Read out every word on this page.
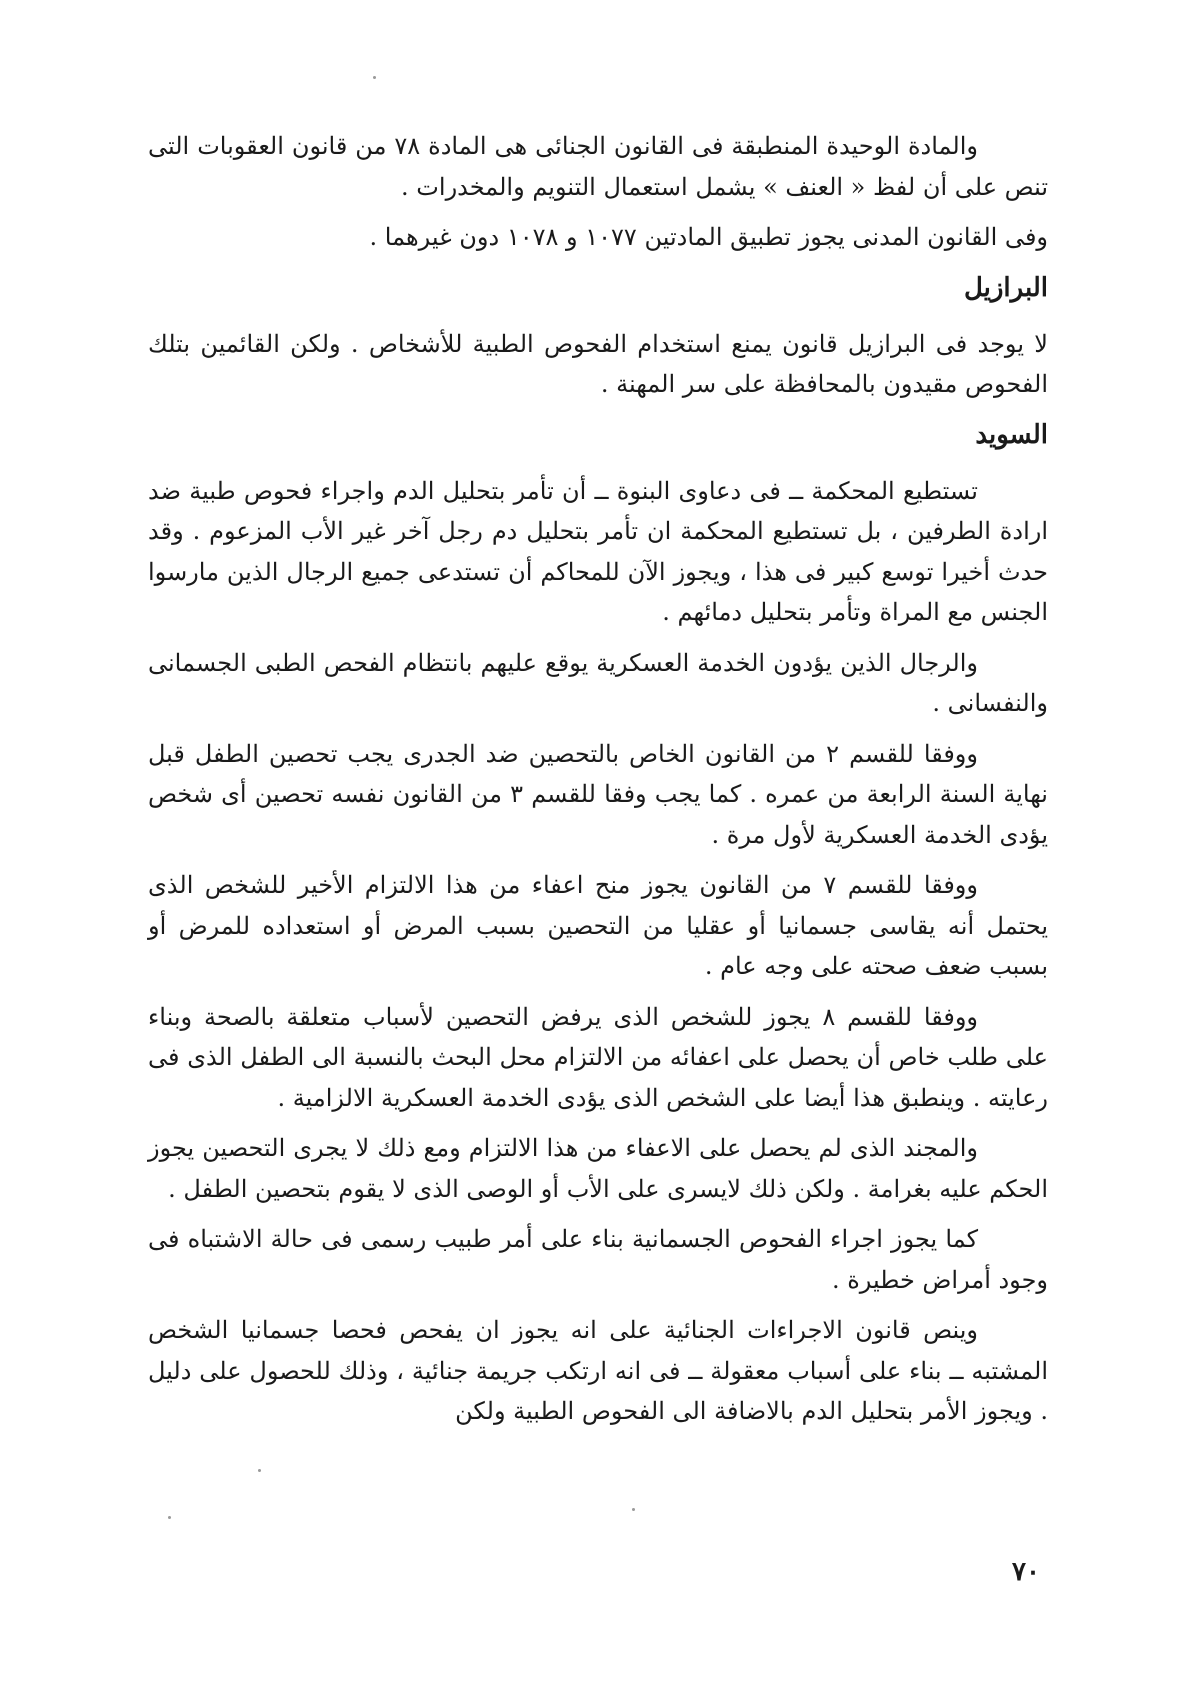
والمادة الوحيدة المنطبقة فى القانون الجنائى هى المادة ٧٨ من قانون العقوبات التى تنص على أن لفظ « العنف » يشمل استعمال التنويم والمخدرات .

وفى القانون المدنى يجوز تطبيق المادتين ١٠٧٧ و ١٠٧٨ دون غيرهما .

البرازيل

لا يوجد فى البرازيل قانون يمنع استخدام الفحوص الطبية للأشخاص . ولكن القائمين بتلك الفحوص مقيدون بالمحافظة على سر المهنة .

السويد

تستطيع المحكمة ــ فى دعاوى البنوة ــ أن تأمر بتحليل الدم واجراء فحوص طبية ضد ارادة الطرفين ، بل تستطيع المحكمة ان تأمر بتحليل دم رجل آخر غير الأب المزعوم . وقد حدث أخيرا توسع كبير فى هذا ، ويجوز الآن للمحاكم أن تستدعى جميع الرجال الذين مارسوا الجنس مع المراة وتأمر بتحليل دمائهم .

والرجال الذين يؤدون الخدمة العسكرية يوقع عليهم بانتظام الفحص الطبى الجسمانى والنفسانى .

ووفقا للقسم ٢ من القانون الخاص بالتحصين ضد الجدرى يجب تحصين الطفل قبل نهاية السنة الرابعة من عمره . كما يجب وفقا للقسم ٣ من القانون نفسه تحصين أى شخص يؤدى الخدمة العسكرية لأول مرة .

ووفقا للقسم ٧ من القانون يجوز منح اعفاء من هذا الالتزام الأخير للشخص الذى يحتمل أنه يقاسى جسمانيا أو عقليا من التحصين بسبب المرض أو استعداده للمرض أو بسبب ضعف صحته على وجه عام .

ووفقا للقسم ٨ يجوز للشخص الذى يرفض التحصين لأسباب متعلقة بالصحة وبناء على طلب خاص أن يحصل على اعفائه من الالتزام محل البحث بالنسبة الى الطفل الذى فى رعايته . وينطبق هذا أيضا على الشخص الذى يؤدى الخدمة العسكرية الالزامية .

والمجند الذى لم يحصل على الاعفاء من هذا الالتزام ومع ذلك لا يجرى التحصين يجوز الحكم عليه بغرامة . ولكن ذلك لايسرى على الأب أو الوصى الذى لا يقوم بتحصين الطفل .

كما يجوز اجراء الفحوص الجسمانية بناء على أمر طبيب رسمى فى حالة الاشتباه فى وجود أمراض خطيرة .

وينص قانون الاجراءات الجنائية على انه يجوز ان يفحص فحصا جسمانيا الشخص المشتبه ــ بناء على أسباب معقولة ــ فى انه ارتكب جريمة جنائية ، وذلك للحصول على دليل . ويجوز الأمر بتحليل الدم بالاضافة الى الفحوص الطبية ولكن

٧٠
